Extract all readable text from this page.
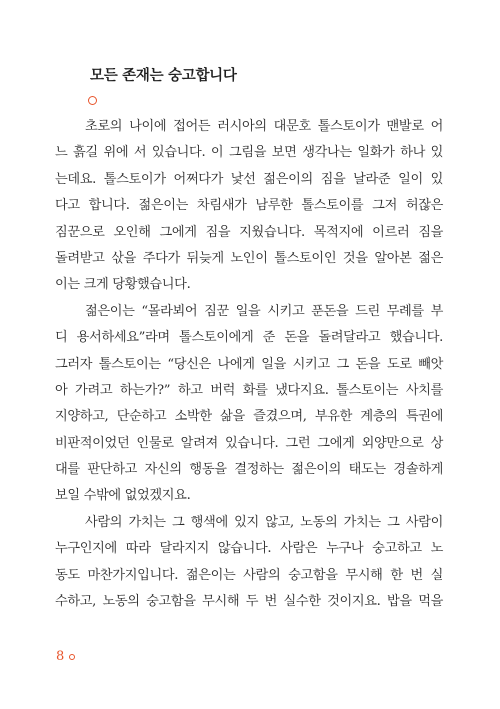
모든 존재는 숭고합니다
초로의 나이에 접어든 러시아의 대문호 톨스토이가 맨발로 어
느 흙길 위에 서 있습니다. 이 그림을 보면 생각나는 일화가 하나 있
는데요. 톨스토이가 어쩌다가 낯선 젊은이의 짐을 날라준 일이 있
다고 합니다. 젊은이는 차림새가 남루한 톨스토이를 그저 허잖은
짐꾼으로 오인해 그에게 짐을 지웠습니다. 목적지에 이르러 짐을
돌려받고 삯을 주다가 뒤늦게 노인이 톨스토이인 것을 알아본 젊은
이는 크게 당황했습니다.
젊은이는 “몰라뵈어 짐꾼 일을 시키고 푼돈을 드린 무례를 부
디 용서하세요”라며 톨스토이에게 준 돈을 돌려달라고 했습니다.
그러자 톨스토이는 “당신은 나에게 일을 시키고 그 돈을 도로 빼앗
아 가려고 하는가?” 하고 버럭 화를 냈다지요. 톨스토이는 사치를
지양하고, 단순하고 소박한 삶을 즐겼으며, 부유한 계층의 특권에
비판적이었던 인물로 알려져 있습니다. 그런 그에게 외양만으로 상
대를 판단하고 자신의 행동을 결정하는 젊은이의 태도는 경솔하게
보일 수밖에 없었겠지요.
사람의 가치는 그 행색에 있지 않고, 노동의 가치는 그 사람이
누구인지에 따라 달라지지 않습니다. 사람은 누구나 숭고하고 노
동도 마찬가지입니다. 젊은이는 사람의 숭고함을 무시해 한 번 실
수하고, 노동의 숭고함을 무시해 두 번 실수한 것이지요. 밥을 먹을
8
